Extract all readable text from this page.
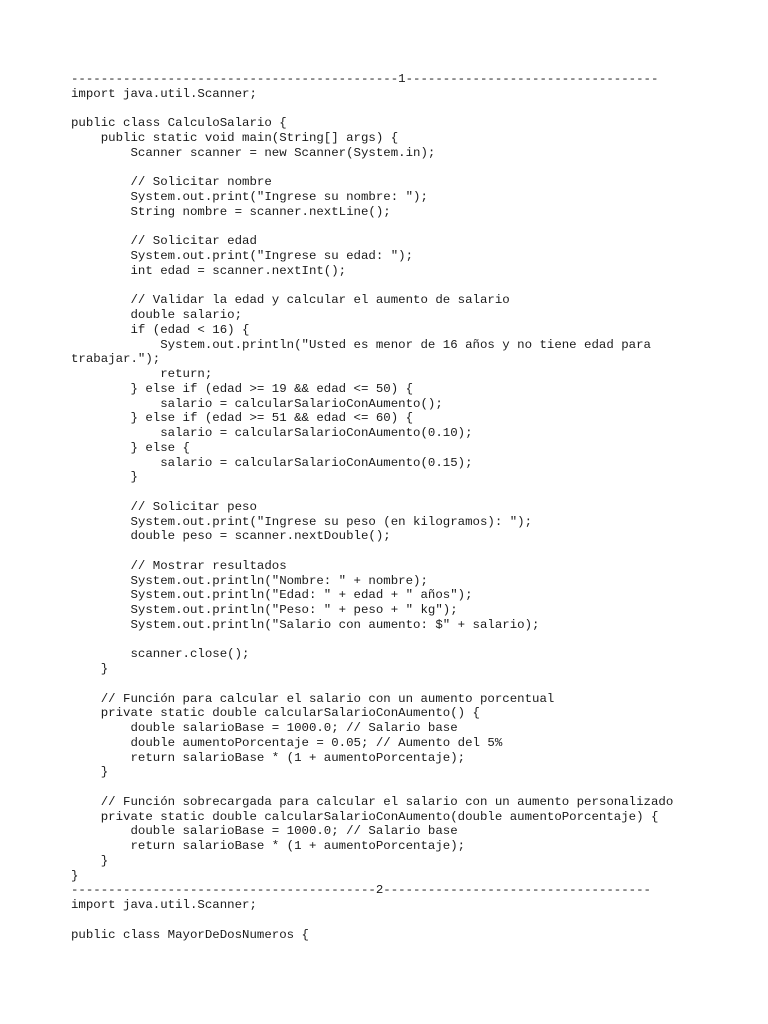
--------------------------------------------1----------------------------------
import java.util.Scanner;
public class CalculoSalario {
public static void main(String[] args) {
Scanner scanner = new Scanner(System.in);
// Solicitar nombre
System.out.print("Ingrese su nombre: ");
String nombre = scanner.nextLine();
// Solicitar edad
System.out.print("Ingrese su edad: ");
int edad = scanner.nextInt();
// Validar la edad y calcular el aumento de salario
double salario;
if (edad < 16) {
System.out.println("Usted es menor de 16 años y no tiene edad para
trabajar.");
return;
} else if (edad >= 19 && edad <= 50) {
salario = calcularSalarioConAumento();
} else if (edad >= 51 && edad <= 60) {
salario = calcularSalarioConAumento(0.10);
} else {
salario = calcularSalarioConAumento(0.15);
}
// Solicitar peso
System.out.print("Ingrese su peso (en kilogramos): ");
double peso = scanner.nextDouble();
// Mostrar resultados
System.out.println("Nombre: " + nombre);
System.out.println("Edad: " + edad + " años");
System.out.println("Peso: " + peso + " kg");
System.out.println("Salario con aumento: $" + salario);
scanner.close();
}
// Función para calcular el salario con un aumento porcentual
private static double calcularSalarioConAumento() {
double salarioBase = 1000.0; // Salario base
double aumentoPorcentaje = 0.05; // Aumento del 5%
return salarioBase * (1 + aumentoPorcentaje);
}
// Función sobrecargada para calcular el salario con un aumento personalizado
private static double calcularSalarioConAumento(double aumentoPorcentaje) {
double salarioBase = 1000.0; // Salario base
return salarioBase * (1 + aumentoPorcentaje);
}
}
-----------------------------------------2------------------------------------
import java.util.Scanner;
public class MayorDeDosNumeros {
